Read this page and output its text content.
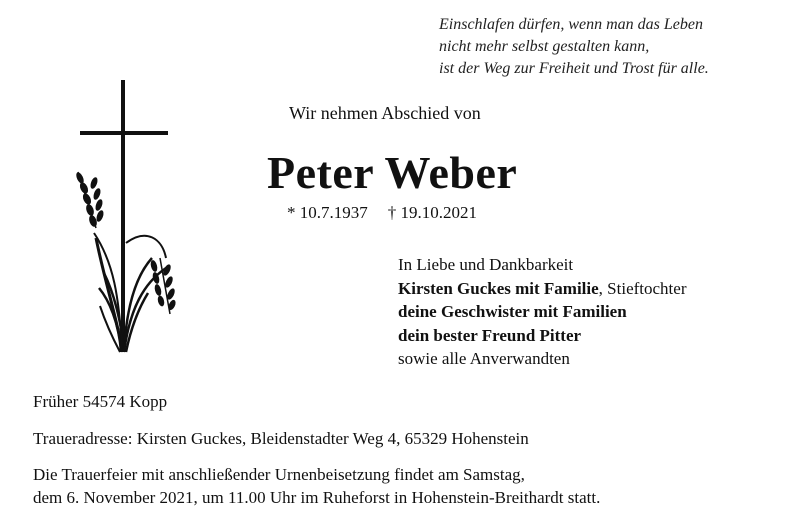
Einschlafen dürfen, wenn man das Leben
nicht mehr selbst gestalten kann,
ist der Weg zur Freiheit und Trost für alle.

Wir nehmen Abschied von

Peter Weber

* 10.7.1937 † 19.10.2021

In Liebe und Dankbarkeit
Kirsten Guckes mit Familie, Stieftochter
deine Geschwister mit Familien
dein bester Freund Pitter
sowie alle Anverwandten

Früher 54574 Kopp

Traueradresse: Kirsten Guckes, Bleidenstadter Weg 4, 65329 Hohenstein

Die Trauerfeier mit anschließender Urnenbeisetzung findet am Samstag,
dem 6. November 2021, um 11.00 Uhr im Ruheforst in Hohenstein-Breithardt statt.
